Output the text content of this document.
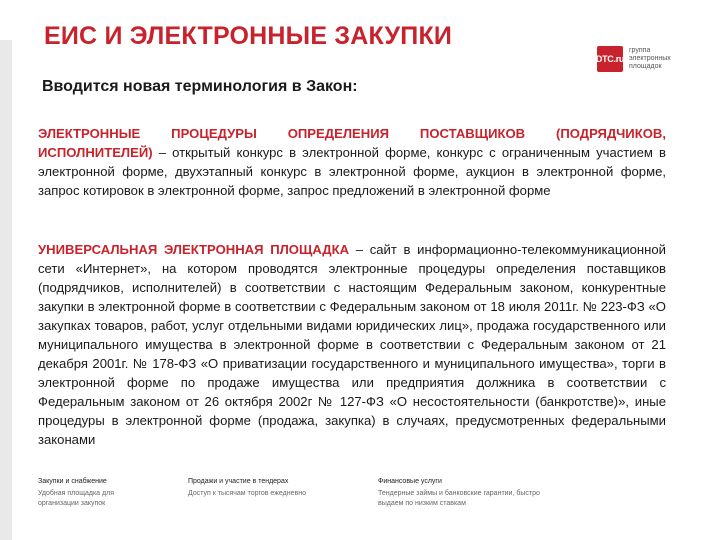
ЕИС И ЭЛЕКТРОННЫЕ ЗАКУПКИ
DTC.ru
группа
электронных
площадок
Вводится новая терминология в Закон:
ЭЛЕКТРОННЫЕ ПРОЦЕДУРЫ ОПРЕДЕЛЕНИЯ ПОСТАВЩИКОВ (ПОДРЯДЧИКОВ, ИСПОЛНИТЕЛЕЙ) – открытый конкурс в электронной форме, конкурс с ограниченным участием в электронной форме, двухэтапный конкурс в электронной форме, аукцион в электронной форме, запрос котировок в электронной форме, запрос предложений в электронной форме
УНИВЕРСАЛЬНАЯ ЭЛЕКТРОННАЯ ПЛОЩАДКА – сайт в информационно-телекоммуникационной сети «Интернет», на котором проводятся электронные процедуры определения поставщиков (подрядчиков, исполнителей) в соответствии с настоящим Федеральным законом, конкурентные закупки в электронной форме в соответствии с Федеральным законом от 18 июля 2011г. № 223-ФЗ «О закупках товаров, работ, услуг отдельными видами юридических лиц», продажа государственного или муниципального имущества в электронной форме в соответствии с Федеральным законом от 21 декабря 2001г. № 178-ФЗ «О приватизации государственного и муниципального имущества», торги в электронной форме по продаже имущества или предприятия должника в соответствии с Федеральным законом от 26 октября 2002г № 127-ФЗ «О несостоятельности (банкротстве)», иные процедуры в электронной форме (продажа, закупка) в случаях, предусмотренных федеральными законами
Закупки и снабжение
Удобная площадка для организации закупок
Продажи и участие в тендерах
Доступ к тысячам торгов ежедневно
Финансовые услуги
Тендерные займы и банковские гарантии, быстро выдаем по низким ставкам
